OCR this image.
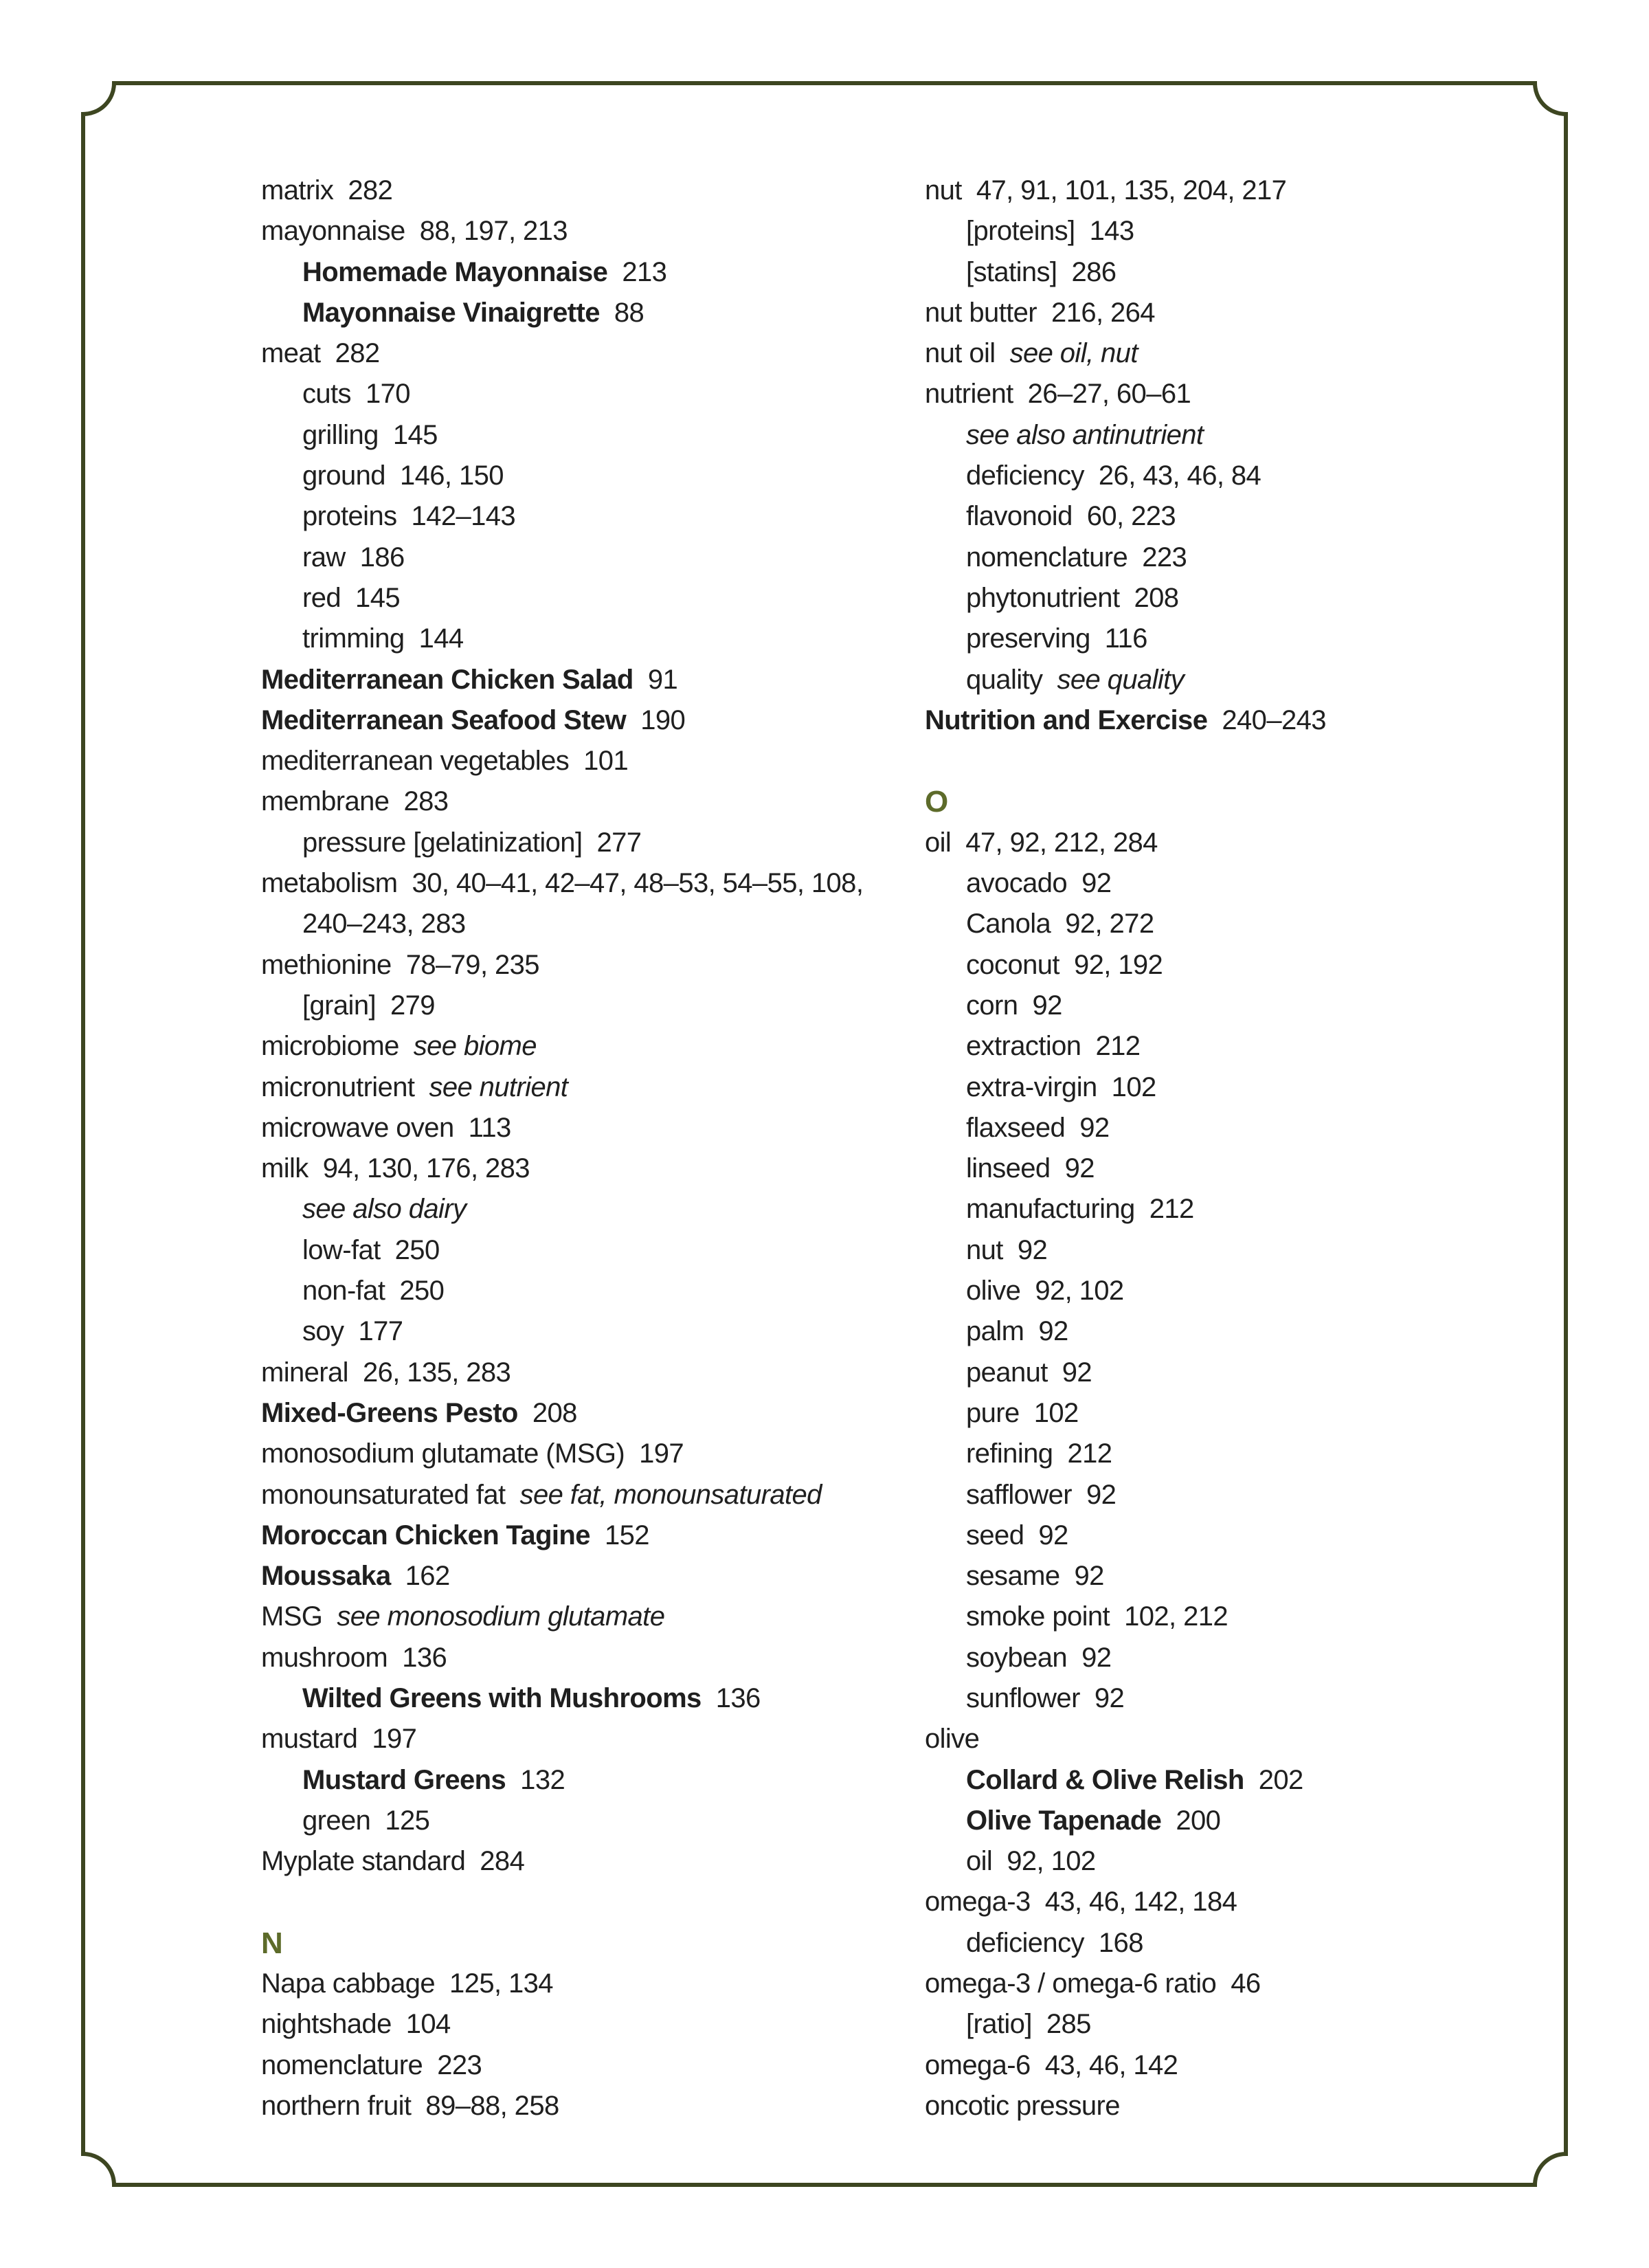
matrix 282
mayonnaise 88, 197, 213
Homemade Mayonnaise 213
Mayonnaise Vinaigrette 88
meat 282
cuts 170
grilling 145
ground 146, 150
proteins 142–143
raw 186
red 145
trimming 144
Mediterranean Chicken Salad 91
Mediterranean Seafood Stew 190
mediterranean vegetables 101
membrane 283
pressure [gelatinization] 277
metabolism 30, 40–41, 42–47, 48–53, 54–55, 108, 240–243, 283
methionine 78–79, 235
[grain] 279
microbiome see biome
micronutrient see nutrient
microwave oven 113
milk 94, 130, 176, 283
see also dairy
low-fat 250
non-fat 250
soy 177
mineral 26, 135, 283
Mixed-Greens Pesto 208
monosodium glutamate (MSG) 197
monounsaturated fat see fat, monounsaturated
Moroccan Chicken Tagine 152
Moussaka 162
MSG see monosodium glutamate
mushroom 136
Wilted Greens with Mushrooms 136
mustard 197
Mustard Greens 132
green 125
Myplate standard 284
N
Napa cabbage 125, 134
nightshade 104
nomenclature 223
northern fruit 89–88, 258
nut 47, 91, 101, 135, 204, 217
[proteins] 143
[statins] 286
nut butter 216, 264
nut oil see oil, nut
nutrient 26–27, 60–61
see also antinutrient
deficiency 26, 43, 46, 84
flavonoid 60, 223
nomenclature 223
phytonutrient 208
preserving 116
quality see quality
Nutrition and Exercise 240–243
O
oil 47, 92, 212, 284
avocado 92
Canola 92, 272
coconut 92, 192
corn 92
extraction 212
extra-virgin 102
flaxseed 92
linseed 92
manufacturing 212
nut 92
olive 92, 102
palm 92
peanut 92
pure 102
refining 212
safflower 92
seed 92
sesame 92
smoke point 102, 212
soybean 92
sunflower 92
olive
Collard & Olive Relish 202
Olive Tapenade 200
oil 92, 102
omega-3 43, 46, 142, 184
deficiency 168
omega-3 / omega-6 ratio 46
[ratio] 285
omega-6 43, 46, 142
oncotic pressure
